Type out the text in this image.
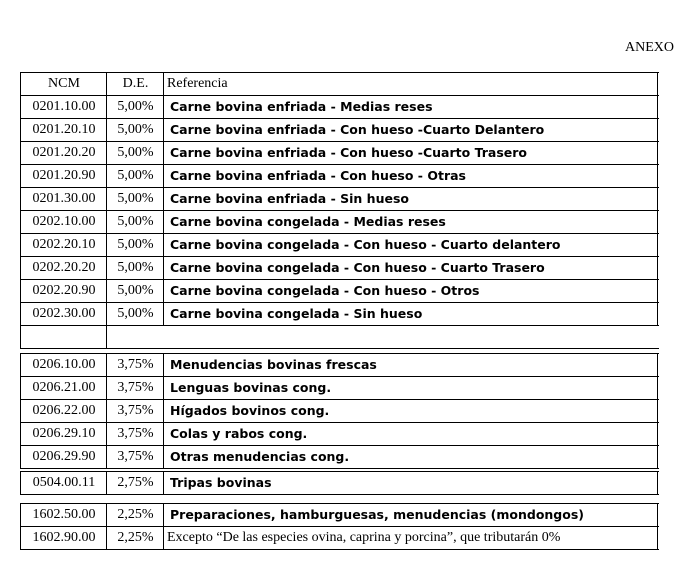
ANEXO
NCM	D.E.	Referencia
0201.10.00	5,00%	Carne bovina enfriada - Medias reses
0201.20.10	5,00%	Carne bovina enfriada - Con hueso -Cuarto Delantero
0201.20.20	5,00%	Carne bovina enfriada - Con hueso -Cuarto Trasero
0201.20.90	5,00%	Carne bovina enfriada - Con hueso - Otras
0201.30.00	5,00%	Carne bovina enfriada - Sin hueso
0202.10.00	5,00%	Carne bovina congelada - Medias reses
0202.20.10	5,00%	Carne bovina congelada - Con hueso - Cuarto delantero
0202.20.20	5,00%	Carne bovina congelada - Con hueso - Cuarto Trasero
0202.20.90	5,00%	Carne bovina congelada - Con hueso - Otros
0202.30.00	5,00%	Carne bovina congelada - Sin hueso
0206.10.00	3,75%	Menudencias bovinas frescas
0206.21.00	3,75%	Lenguas bovinas cong.
0206.22.00	3,75%	Hígados bovinos cong.
0206.29.10	3,75%	Colas y rabos cong.
0206.29.90	3,75%	Otras menudencias cong.
0504.00.11	2,75%	Tripas bovinas
1602.50.00	2,25%	Preparaciones, hamburguesas, menudencias (mondongos)
1602.90.00	2,25% Excepto “De las especies ovina, caprina y porcina”, que tributarán 0%
